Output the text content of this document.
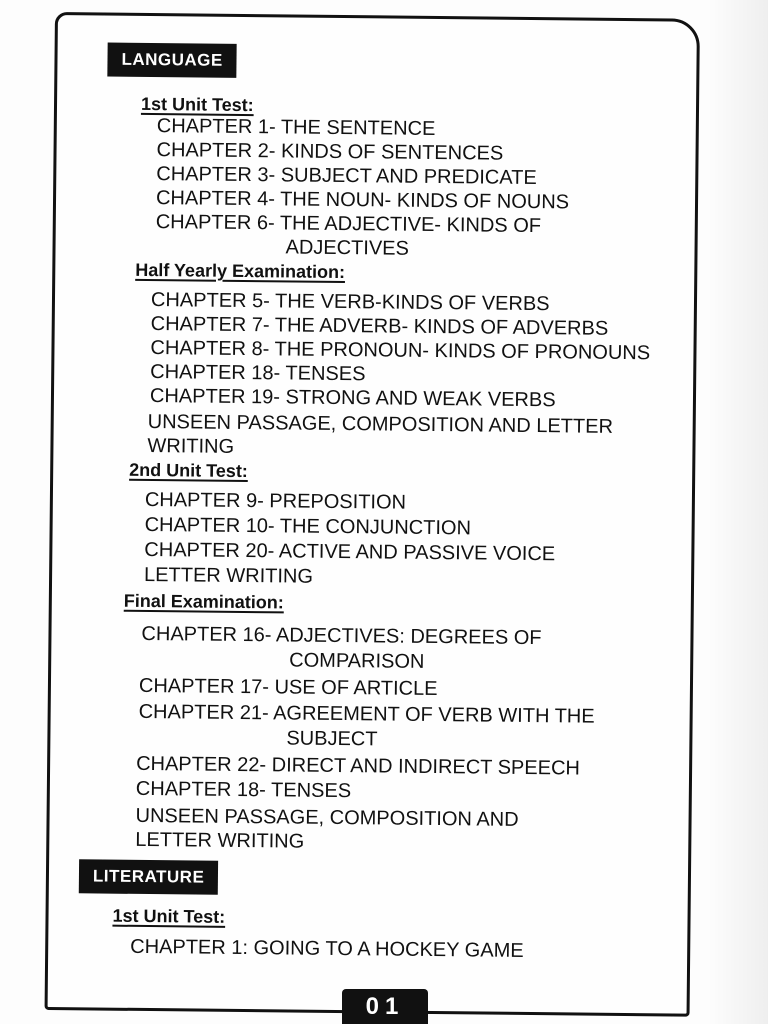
LANGUAGE
1st Unit Test:
CHAPTER 1- THE SENTENCE
CHAPTER 2- KINDS OF SENTENCES
CHAPTER 3- SUBJECT AND PREDICATE
CHAPTER 4- THE NOUN- KINDS OF NOUNS
CHAPTER 6- THE ADJECTIVE- KINDS OF
ADJECTIVES
Half Yearly Examination:
CHAPTER 5- THE VERB-KINDS OF VERBS
CHAPTER 7- THE ADVERB- KINDS OF ADVERBS
CHAPTER 8- THE PRONOUN- KINDS OF PRONOUNS
CHAPTER 18- TENSES
CHAPTER 19- STRONG AND WEAK VERBS
UNSEEN PASSAGE, COMPOSITION AND LETTER
WRITING
2nd Unit Test:
CHAPTER 9- PREPOSITION
CHAPTER 10- THE CONJUNCTION
CHAPTER 20- ACTIVE AND PASSIVE VOICE
LETTER WRITING
Final Examination:
CHAPTER 16- ADJECTIVES: DEGREES OF
COMPARISON
CHAPTER 17- USE OF ARTICLE
CHAPTER 21- AGREEMENT OF VERB WITH THE
SUBJECT
CHAPTER 22- DIRECT AND INDIRECT SPEECH
CHAPTER 18- TENSES
UNSEEN PASSAGE, COMPOSITION AND
LETTER WRITING
LITERATURE
1st Unit Test:
CHAPTER 1: GOING TO A HOCKEY GAME
01
